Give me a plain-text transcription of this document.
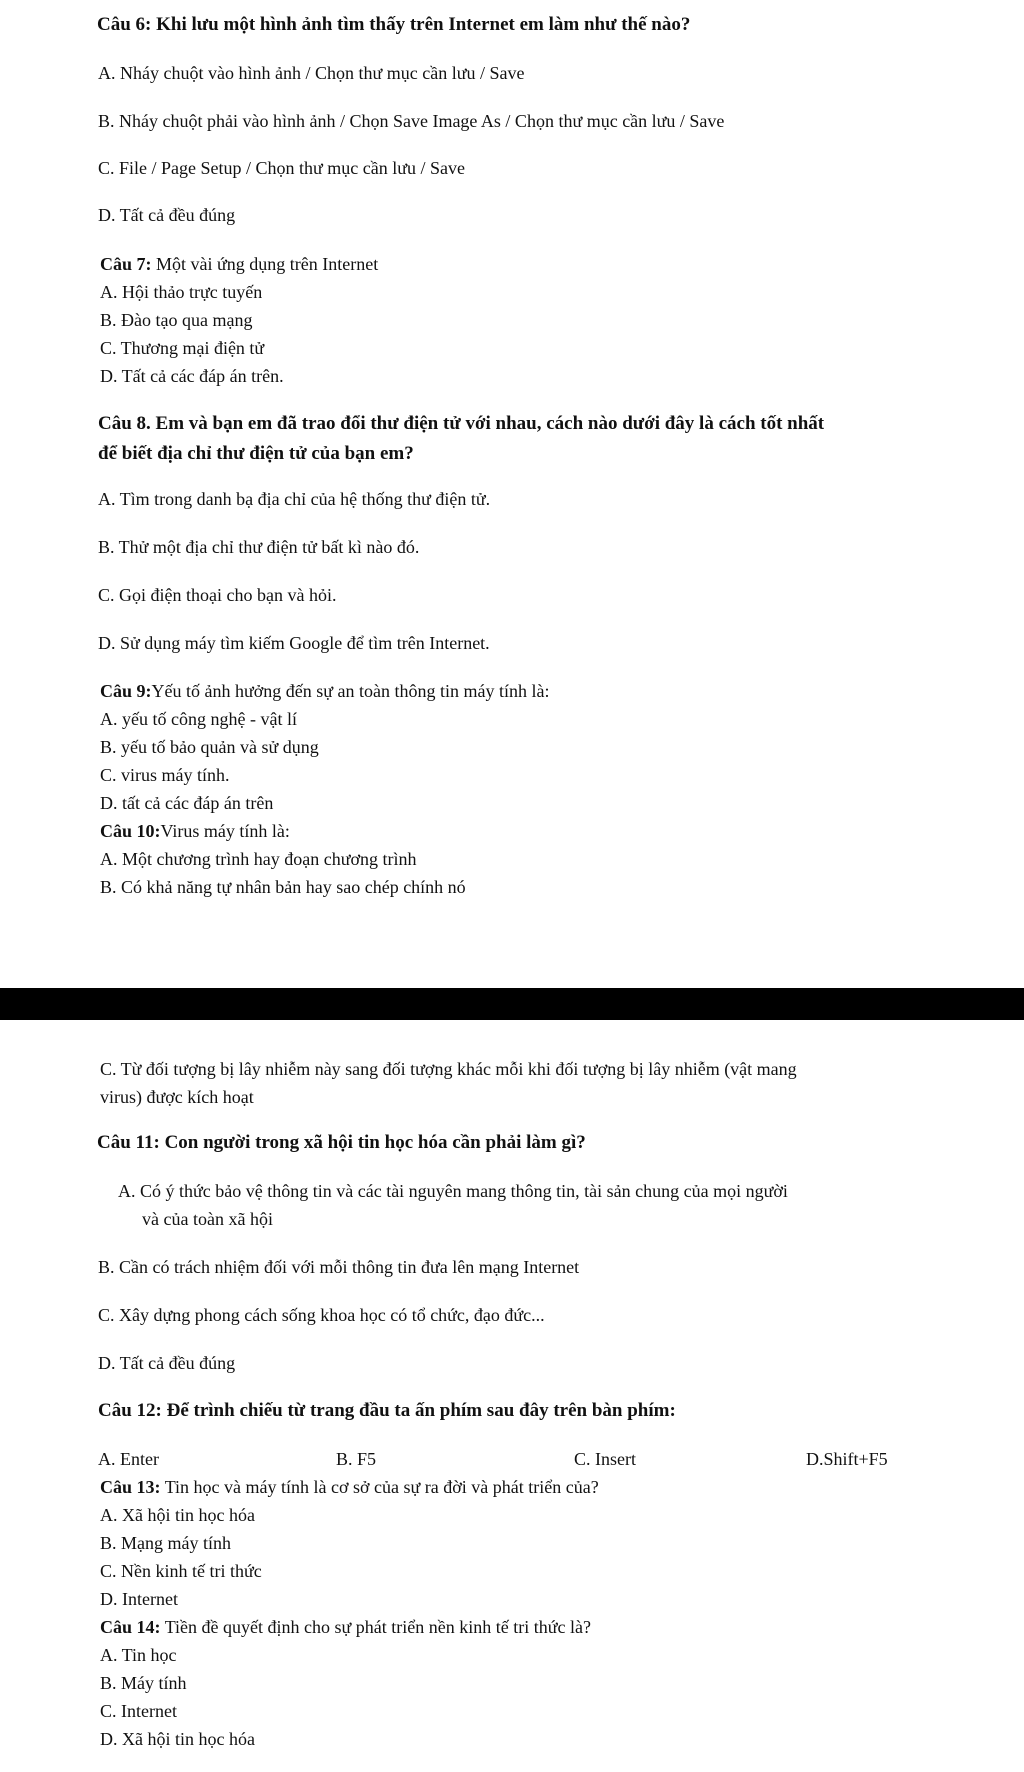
Câu 6: Khi lưu một hình ảnh tìm thấy trên Internet em làm như thế nào?
A. Nháy chuột vào hình ảnh / Chọn thư mục cần lưu / Save
B. Nháy chuột phải vào hình ảnh / Chọn Save Image As / Chọn thư mục cần lưu / Save
C. File / Page Setup / Chọn thư mục cần lưu / Save
D. Tất cả đều đúng
Câu 7: Một vài ứng dụng trên Internet
A. Hội thảo trực tuyến
B. Đào tạo qua mạng
C. Thương mại điện tử
D. Tất cả các đáp án trên.
Câu 8. Em và bạn em đã trao đổi thư điện tử với nhau, cách nào dưới đây là cách tốt nhất
để biết địa chỉ thư điện tử của bạn em?
A. Tìm trong danh bạ địa chỉ của hệ thống thư điện tử.
B. Thử một địa chỉ thư điện tử bất kì nào đó.
C. Gọi điện thoại cho bạn và hỏi.
D. Sử dụng máy tìm kiếm Google để tìm trên Internet.
Câu 9:Yếu tố ảnh hưởng đến sự an toàn thông tin máy tính là:
A. yếu tố công nghệ - vật lí
B. yếu tố bảo quản và sử dụng
C. virus máy tính.
D. tất cả các đáp án trên
Câu 10:Virus máy tính là:
A. Một chương trình hay đoạn chương trình
B. Có khả năng tự nhân bản hay sao chép chính nó
C. Từ đối tượng bị lây nhiễm này sang đối tượng khác mỗi khi đối tượng bị lây nhiễm (vật mang
virus) được kích hoạt
Câu 11: Con người trong xã hội tin học hóa cần phải làm gì?
A. Có ý thức bảo vệ thông tin và các tài nguyên mang thông tin, tài sản chung của mọi người
và của toàn xã hội
B. Cần có trách nhiệm đối với mỗi thông tin đưa lên mạng Internet
C. Xây dựng phong cách sống khoa học có tổ chức, đạo đức...
D. Tất cả đều đúng
Câu 12: Để trình chiếu từ trang đầu ta ấn phím sau đây trên bàn phím:
A. Enter	B. F5	C. Insert	D.Shift+F5
Câu 13: Tin học và máy tính là cơ sở của sự ra đời và phát triển của?
A. Xã hội tin học hóa
B. Mạng máy tính
C. Nền kinh tế tri thức
D. Internet
Câu 14: Tiền đề quyết định cho sự phát triển nền kinh tế tri thức là?
A. Tin học
B. Máy tính
C. Internet
D. Xã hội tin học hóa
